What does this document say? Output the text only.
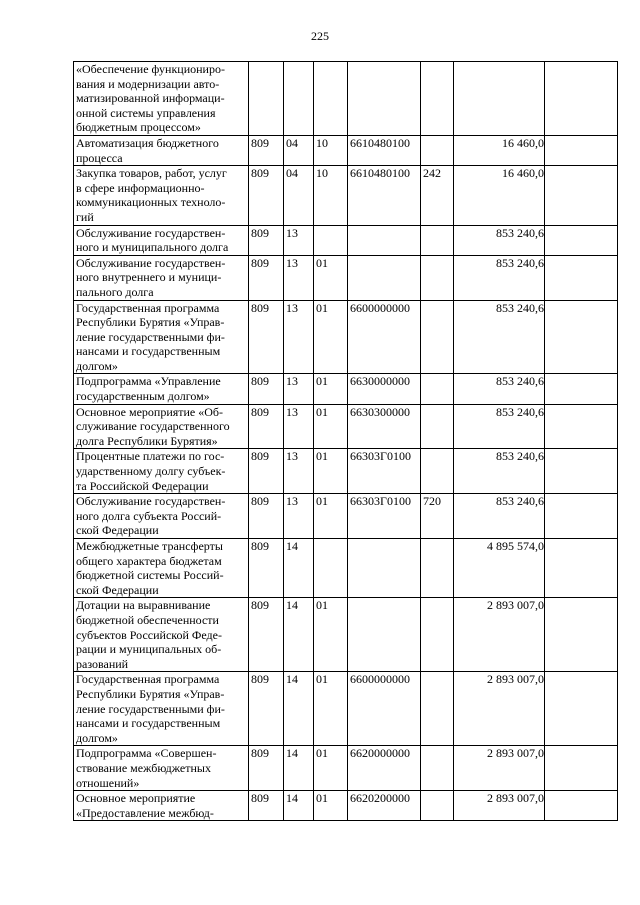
225
«Обеспечение функциониро-
вания и модернизации авто-
матизированной информаци-
онной системы управления
бюджетным процессом»							

Автоматизация бюджетного
процесса	809	04	10	6610480100		16 460,0	

Закупка товаров, работ, услуг
в сфере информационно-
коммуникационных техноло-
гий	809	04	10	6610480100	242	16 460,0	

Обслуживание государствен-
ного и муниципального долга	809	13				853 240,6	

Обслуживание государствен-
ного внутреннего и муници-
пального долга	809	13	01			853 240,6	

Государственная программа
Республики Бурятия «Управ-
ление государственными фи-
нансами и государственным
долгом»	809	13	01	6600000000		853 240,6	

Подпрограмма «Управление
государственным долгом»	809	13	01	6630000000		853 240,6	

Основное мероприятие «Об-
служивание государственного
долга Республики Бурятия»	809	13	01	6630300000		853 240,6	

Процентные платежи по гос-
ударственному долгу субъек-
та Российской Федерации	809	13	01	66303Г0100		853 240,6	

Обслуживание государствен-
ного долга субъекта Россий-
ской Федерации	809	13	01	66303Г0100	720	853 240,6	

Межбюджетные трансферты
общего характера бюджетам
бюджетной системы Россий-
ской Федерации	809	14				4 895 574,0	

Дотации на выравнивание
бюджетной обеспеченности
субъектов Российской Феде-
рации и муниципальных об-
разований	809	14	01			2 893 007,0	

Государственная программа
Республики Бурятия «Управ-
ление государственными фи-
нансами и государственным
долгом»	809	14	01	6600000000		2 893 007,0	

Подпрограмма «Совершен-
ствование межбюджетных
отношений»	809	14	01	6620000000		2 893 007,0	

Основное мероприятие
«Предоставление межбюд-	809	14	01	6620200000		2 893 007,0	
